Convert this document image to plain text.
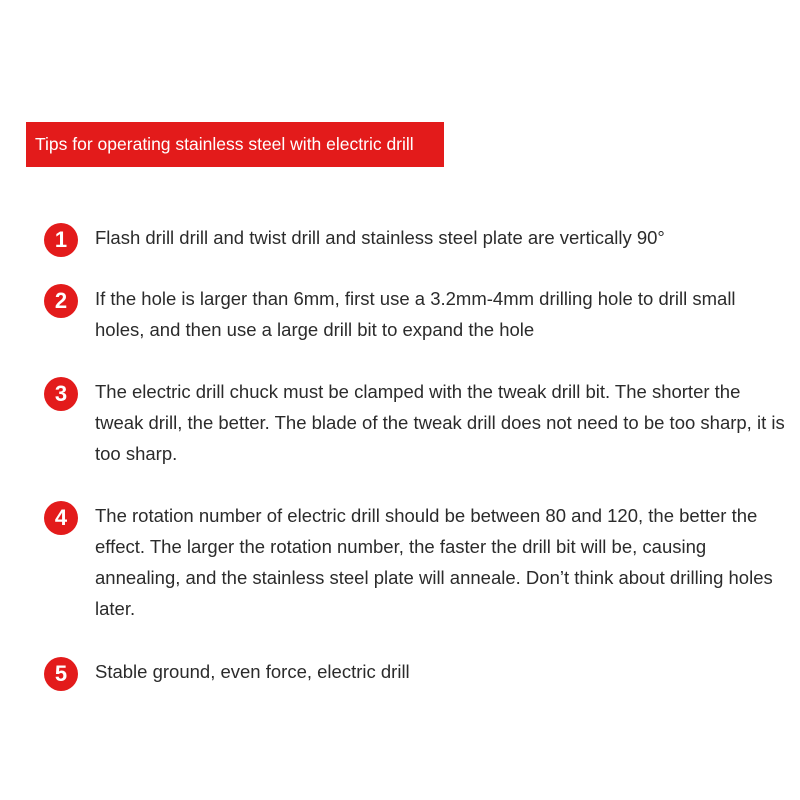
Tips for operating stainless steel with electric drill
1	Flash drill drill and twist drill and stainless steel plate are vertically 90°
2	If the hole is larger than 6mm, first use a 3.2mm-4mm drilling hole to drill small holes, and then use a large drill bit to expand the hole
3	The electric drill chuck must be clamped with the tweak drill bit. The shorter the tweak drill, the better. The blade of the tweak drill does not need to be too sharp, it is too sharp.
4	The rotation number of electric drill should be between 80 and 120, the better the effect. The larger the rotation number, the faster the drill bit will be, causing annealing, and the stainless steel plate will anneale. Don’t think about drilling holes later.
5	Stable ground, even force, electric drill
